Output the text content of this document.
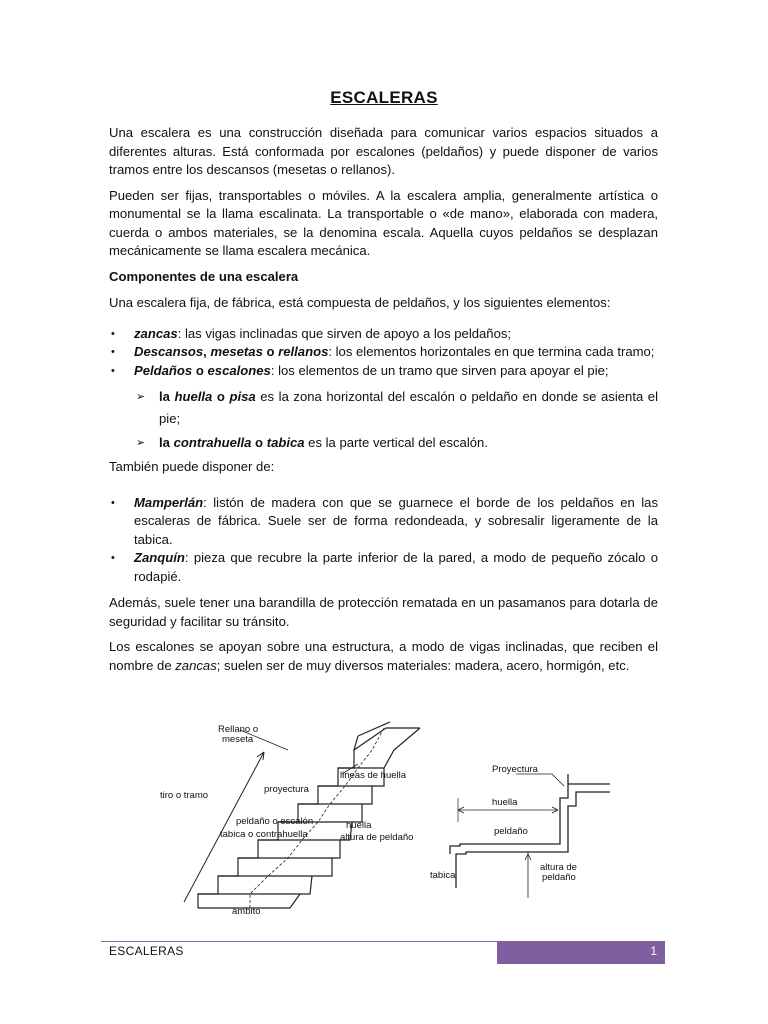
ESCALERAS

Una escalera es una construcción diseñada para comunicar varios espacios situados a diferentes alturas. Está conformada por escalones (peldaños) y puede disponer de varios tramos entre los descansos (mesetas o rellanos).

Pueden ser fijas, transportables o móviles. A la escalera amplia, generalmente artística o monumental se la llama escalinata. La transportable o «de mano», elaborada con madera, cuerda o ambos materiales, se la denomina escala. Aquella cuyos peldaños se desplazan mecánicamente se llama escalera mecánica.

Componentes de una escalera

Una escalera fija, de fábrica, está compuesta de peldaños, y los siguientes elementos:

• zancas: las vigas inclinadas que sirven de apoyo a los peldaños;
• Descansos, mesetas o rellanos: los elementos horizontales en que termina cada tramo;
• Peldaños o escalones: los elementos de un tramo que sirven para apoyar el pie;
➢ la huella o pisa es la zona horizontal del escalón o peldaño en donde se asienta el pie;
➢ la contrahuella o tabica es la parte vertical del escalón.

También puede disponer de:

• Mamperlán: listón de madera con que se guarnece el borde de los peldaños en las escaleras de fábrica. Suele ser de forma redondeada, y sobresalir ligeramente de la tabica.
• Zanquín: pieza que recubre la parte inferior de la pared, a modo de pequeño zócalo o rodapié.

Además, suele tener una barandilla de protección rematada en un pasamanos para dotarla de seguridad y facilitar su tránsito.

Los escalones se apoyan sobre una estructura, a modo de vigas inclinadas, que reciben el nombre de zancas; suelen ser de muy diversos materiales: madera, acero, hormigón, etc.

Rellano o
meseta
lineas de huella
tiro o tramo
proyectura
peldaño o escalón
tabica o contrahuella
huella
altura de peldaño
ámbito
Proyectura
huella
peldaño
tabica
altura de
peldaño
ESCALERAS	1
